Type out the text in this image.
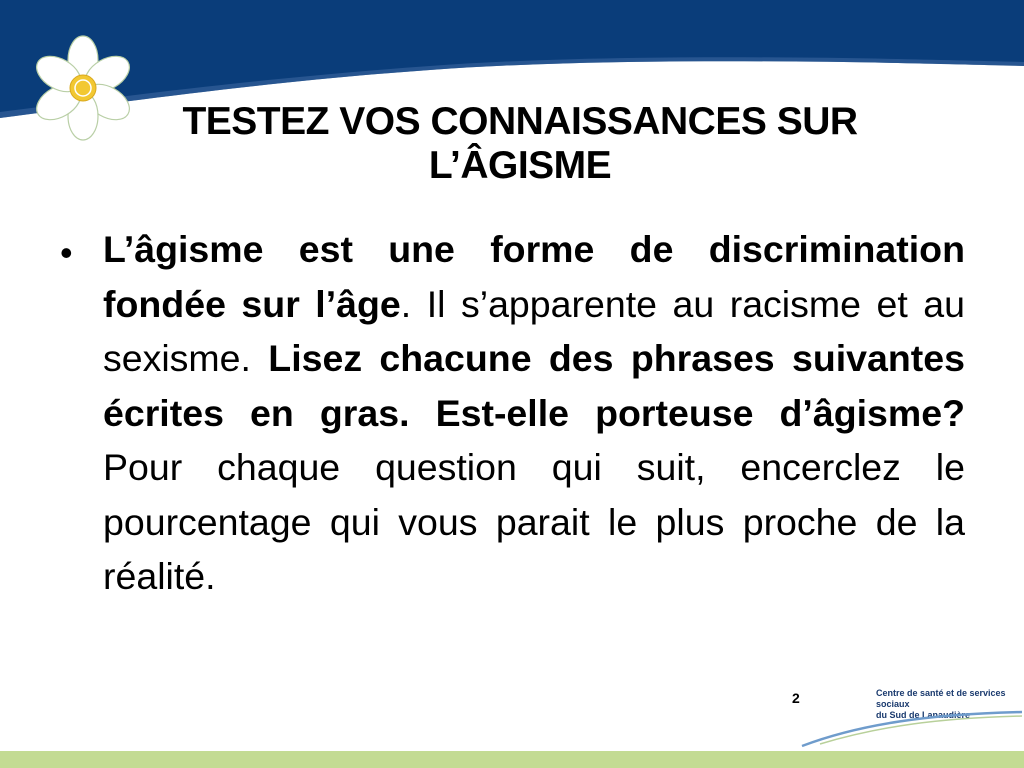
TESTEZ VOS CONNAISSANCES SUR
L’ÂGISME
• L’âgisme est une forme de discrimination fondée sur l’âge. Il s’apparente au racisme et au sexisme. Lisez chacune des phrases suivantes écrites en gras. Est-elle porteuse d’âgisme? Pour chaque question qui suit, encerclez le pourcentage qui vous parait le plus proche de la réalité.
2	Centre de santé et de services sociaux
du Sud de Lanaudière
